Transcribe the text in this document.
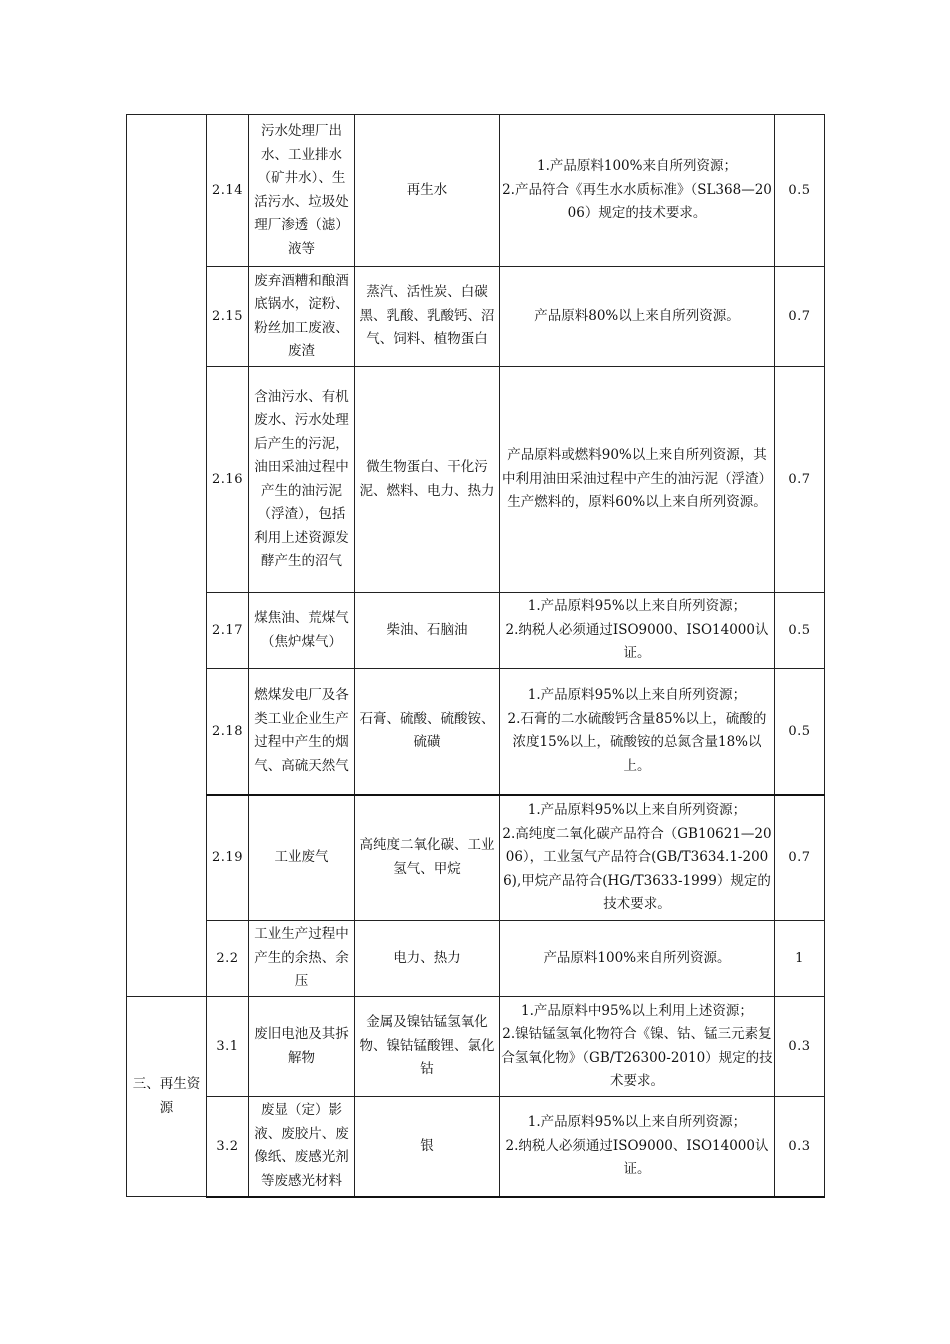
	2.14	污水处理厂出水、工业排水（矿井水）、生活污水、垃圾处理厂渗透（滤）液等	再生水	1.产品原料100%来自所列资源；
2.产品符合《再生水水质标准》（SL368—2006）规定的技术要求。	0.5
	2.15	废弃酒糟和酿酒底锅水，淀粉、粉丝加工废液、废渣	蒸汽、活性炭、白碳黑、乳酸、乳酸钙、沼气、饲料、植物蛋白	产品原料80%以上来自所列资源。	0.7
	2.16	含油污水、有机废水、污水处理后产生的污泥，油田采油过程中产生的油污泥（浮渣），包括利用上述资源发酵产生的沼气	微生物蛋白、干化污泥、燃料、电力、热力	产品原料或燃料90%以上来自所列资源，其中利用油田采油过程中产生的油污泥（浮渣）生产燃料的，原料60%以上来自所列资源。	0.7
	2.17	煤焦油、荒煤气（焦炉煤气）	柴油、石脑油	1.产品原料95%以上来自所列资源；
2.纳税人必须通过ISO9000、ISO14000认证。	0.5
	2.18	燃煤发电厂及各类工业企业生产过程中产生的烟气、高硫天然气	石膏、硫酸、硫酸铵、硫磺	1.产品原料95%以上来自所列资源；
2.石膏的二水硫酸钙含量85%以上，硫酸的浓度15%以上，硫酸铵的总氮含量18%以上。	0.5
	2.19	工业废气	高纯度二氧化碳、工业氢气、甲烷	1.产品原料95%以上来自所列资源；
2.高纯度二氧化碳产品符合（GB10621—2006），工业氢气产品符合(GB/T3634.1-2006),甲烷产品符合(HG/T3633-1999）规定的技术要求。	0.7
	2.2	工业生产过程中产生的余热、余压	电力、热力	产品原料100%来自所列资源。	1
三、再生资源	3.1	废旧电池及其拆解物	金属及镍钴锰氢氧化物、镍钴锰酸锂、氯化钴	1.产品原料中95%以上利用上述资源；
2.镍钴锰氢氧化物符合《镍、钴、锰三元素复合氢氧化物》（GB/T26300-2010）规定的技术要求。	0.3
	3.2	废显（定）影液、废胶片、废像纸、废感光剂等废感光材料	银	1.产品原料95%以上来自所列资源；
2.纳税人必须通过ISO9000、ISO14000认证。	0.3
